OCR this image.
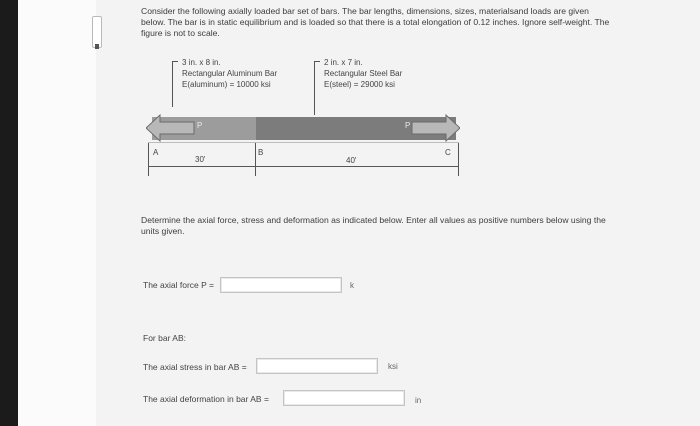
Consider the following axially loaded bar set of bars. The bar lengths, dimensions, sizes, materialsand loads are given below. The bar is in static equilibrium and is loaded so that there is a total elongation of 0.12 inches. Ignore self-weight. The figure is not to scale.
3 in. x 8 in.
Rectangular Aluminum Bar
E(aluminum) = 10000 ksi
2 in. x 7 in.
Rectangular Steel Bar
E(steel) = 29000 ksi
P	P
A	B	C
30'	40'
Determine the axial force, stress and deformation as indicated below. Enter all values as positive numbers below using the units given.
The axial force P =	k
For bar AB:
The axial stress in bar AB =	ksi
The axial deformation in bar AB =	in
